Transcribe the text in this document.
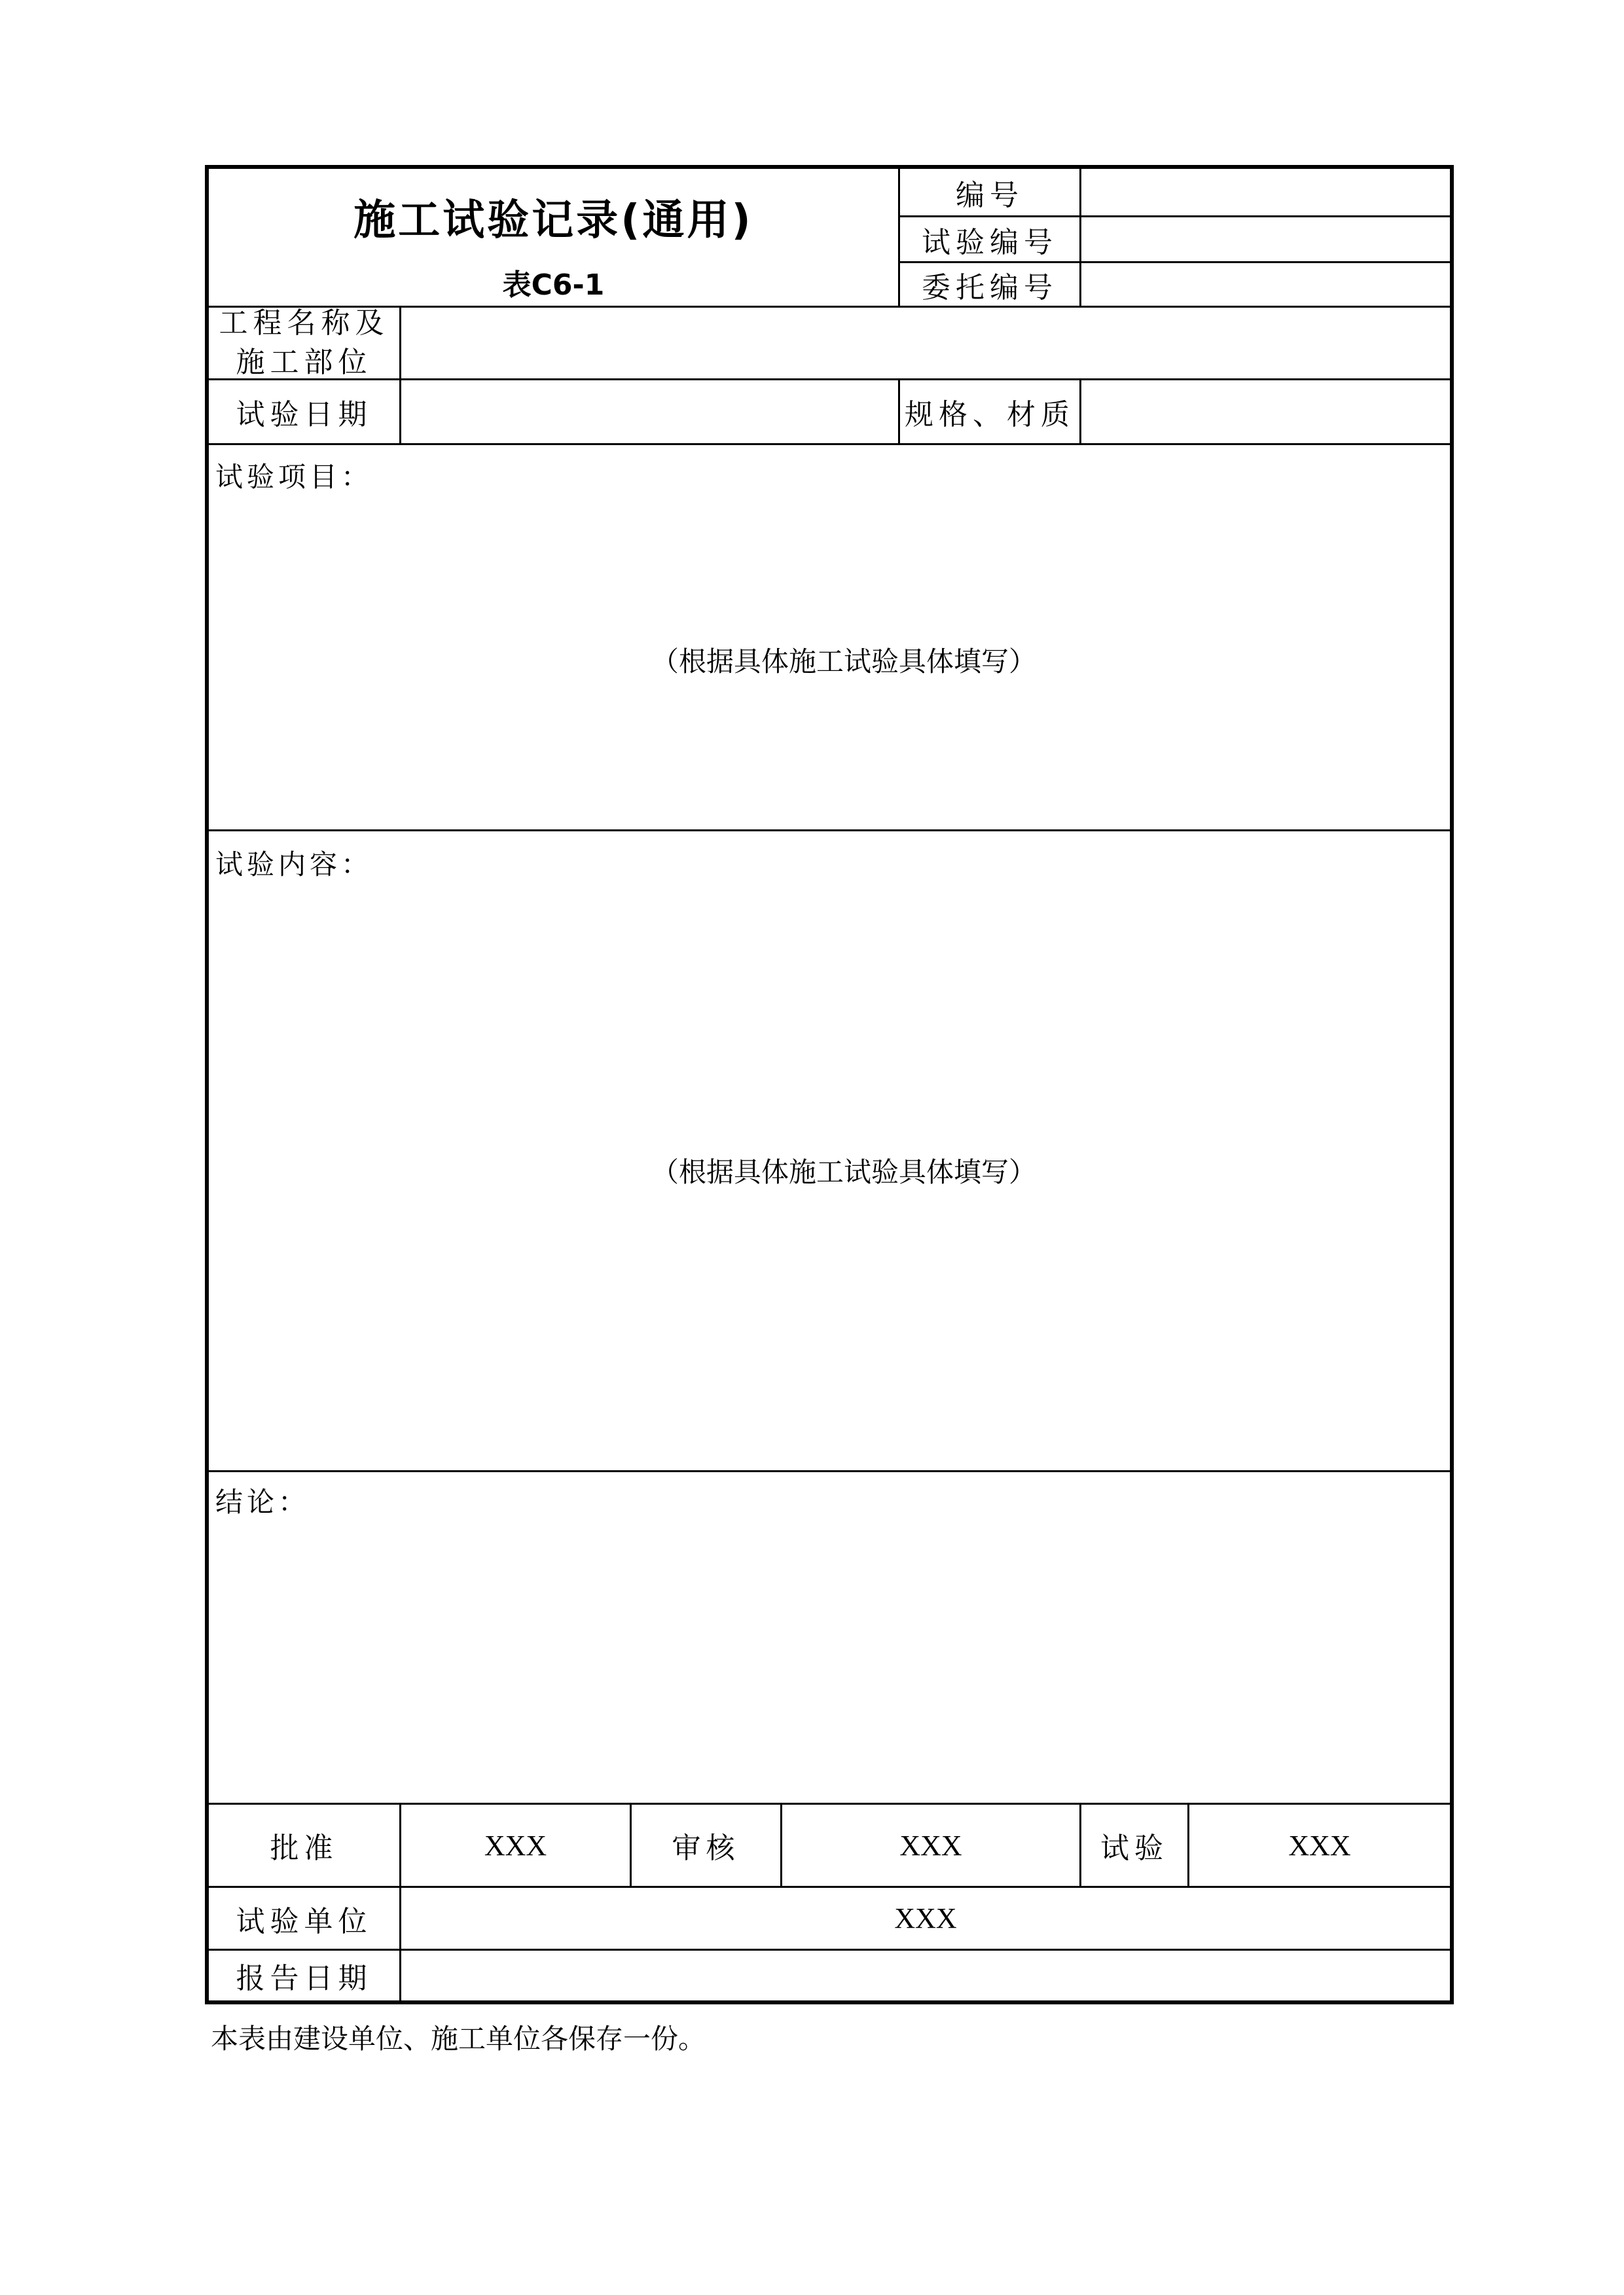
施工试验记录(通用)
表C6-1
编号
试验编号
委托编号
工程名称及
施工部位
试验日期	规格、材质
试验项目：
（根据具体施工试验具体填写）
试验内容：
（根据具体施工试验具体填写）
结论：
批准	XXX	审核	XXX	试验	XXX
试验单位	XXX
报告日期
本表由建设单位、施工单位各保存一份。
